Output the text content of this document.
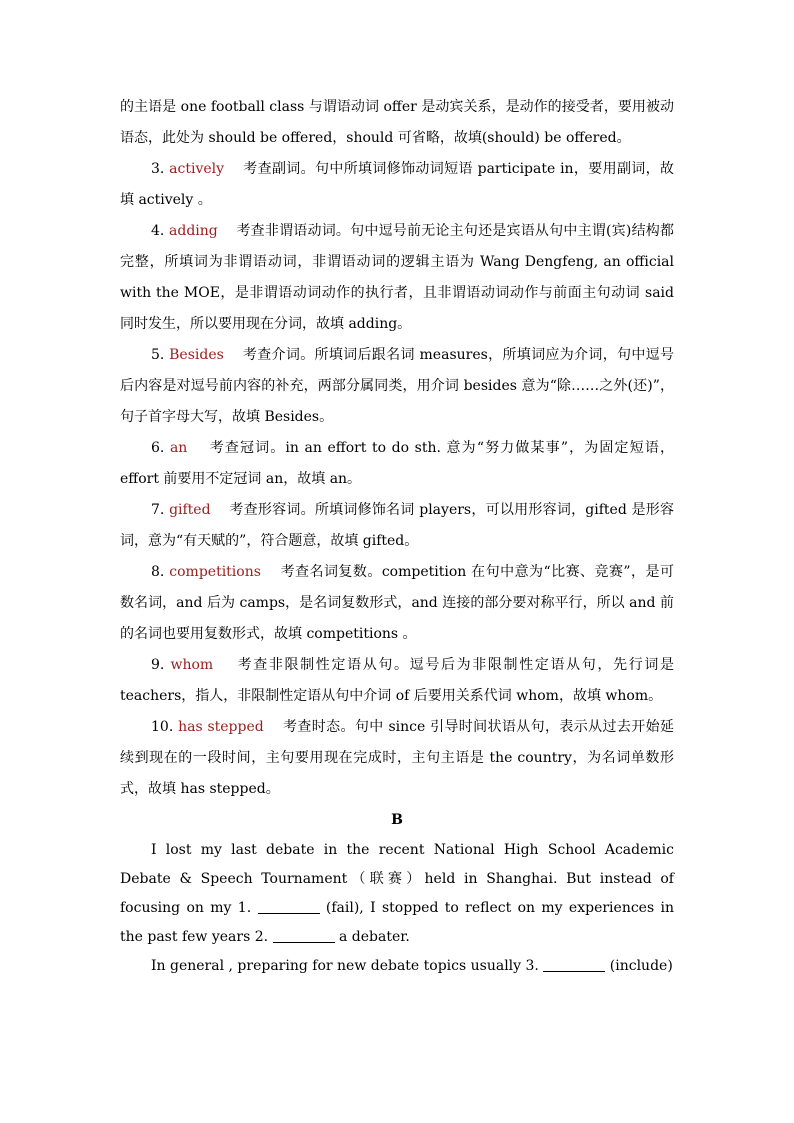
的主语是 one football class 与谓语动词 offer 是动宾关系，是动作的接受者，要用被动语态，此处为 should be offered，should 可省略，故填(should) be offered。

3. actively 考查副词。句中所填词修饰动词短语 participate in，要用副词，故填 actively 。

4. adding 考查非谓语动词。句中逗号前无论主句还是宾语从句中主谓(宾)结构都完整，所填词为非谓语动词，非谓语动词的逻辑主语为 Wang Dengfeng, an official with the MOE，是非谓语动词动作的执行者，且非谓语动词动作与前面主句动词 said 同时发生，所以要用现在分词，故填 adding。

5. Besides 考查介词。所填词后跟名词 measures，所填词应为介词，句中逗号后内容是对逗号前内容的补充，两部分属同类，用介词 besides 意为“除……之外(还)”，句子首字母大写，故填 Besides。

6. an 考查冠词。in an effort to do sth. 意为“努力做某事”，为固定短语，effort 前要用不定冠词 an，故填 an。

7. gifted 考查形容词。所填词修饰名词 players，可以用形容词，gifted 是形容词，意为“有天赋的”，符合题意，故填 gifted。

8. competitions 考查名词复数。competition 在句中意为“比赛、竞赛”，是可数名词，and 后为 camps，是名词复数形式，and 连接的部分要对称平行，所以 and 前的名词也要用复数形式，故填 competitions 。

9. whom 考查非限制性定语从句。逗号后为非限制性定语从句，先行词是 teachers，指人，非限制性定语从句中介词 of 后要用关系代词 whom，故填 whom。

10. has stepped 考查时态。句中 since 引导时间状语从句，表示从过去开始延续到现在的一段时间，主句要用现在完成时，主句主语是 the country，为名词单数形式，故填 has stepped。

B

I lost my last debate in the recent National High School Academic Debate & Speech Tournament（联赛）held in Shanghai. But instead of focusing on my 1.	(fail), I stopped to reflect on my experiences in the past few years 2.	a debater.

In general , preparing for new debate topics usually 3.	(include)
